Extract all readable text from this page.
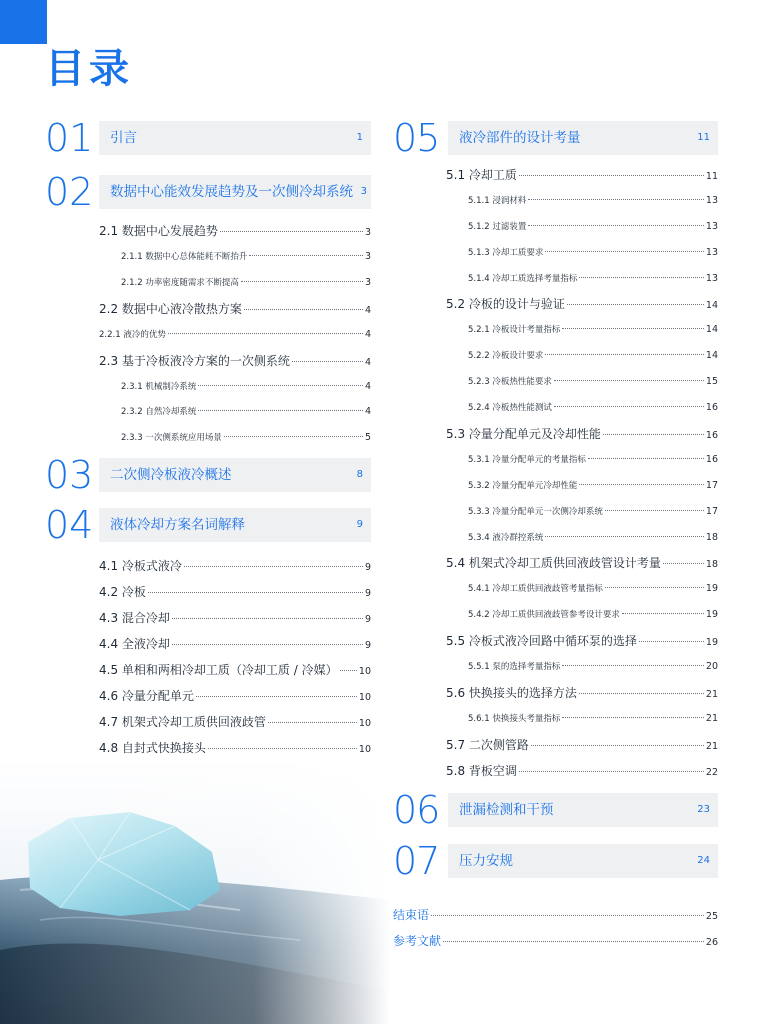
目录
01 引言	1
02 数据中心能效发展趋势及一次侧冷却系统 3
2.1 数据中心发展趋势	3
2.1.1 数据中心总体能耗不断抬升	3
2.1.2 功率密度随需求不断提高	3
2.2 数据中心液冷散热方案	4
2.2.1 液冷的优势	4
2.3 基于冷板液冷方案的一次侧系统	4
2.3.1 机械制冷系统	4
2.3.2 自然冷却系统	4
2.3.3 一次侧系统应用场景	5
03 二次侧冷板液冷概述	8
04 液体冷却方案名词解释	9
4.1 冷板式液冷	9
4.2 冷板	9
4.3 混合冷却	9
4.4 全液冷却	9
4.5 单相和两相冷却工质（冷却工质 / 冷媒） 10
4.6 冷量分配单元	10
4.7 机架式冷却工质供回液歧管	10
4.8 自封式快换接头	10
05 液冷部件的设计考量	11
5.1 冷却工质	11
5.1.1 浸润材料	13
5.1.2 过滤装置	13
5.1.3 冷却工质要求	13
5.1.4 冷却工质选择考量指标	13
5.2 冷板的设计与验证	14
5.2.1 冷板设计考量指标	14
5.2.2 冷板设计要求	14
5.2.3 冷板热性能要求	15
5.2.4 冷板热性能测试	16
5.3 冷量分配单元及冷却性能	16
5.3.1 冷量分配单元的考量指标	16
5.3.2 冷量分配单元冷却性能	17
5.3.3 冷量分配单元一次侧冷却系统	17
5.3.4 液冷群控系统	18
5.4 机架式冷却工质供回液歧管设计考量	18
5.4.1 冷却工质供回液歧管考量指标	19
5.4.2 冷却工质供回液歧管参考设计要求	19
5.5 冷板式液冷回路中循环泵的选择	19
5.5.1 泵的选择考量指标	20
5.6 快换接头的选择方法	21
5.6.1 快换接头考量指标	21
5.7 二次侧管路	21
5.8 背板空调	22
06 泄漏检测和干预	23
07 压力安规	24
结束语	25
参考文献	26
